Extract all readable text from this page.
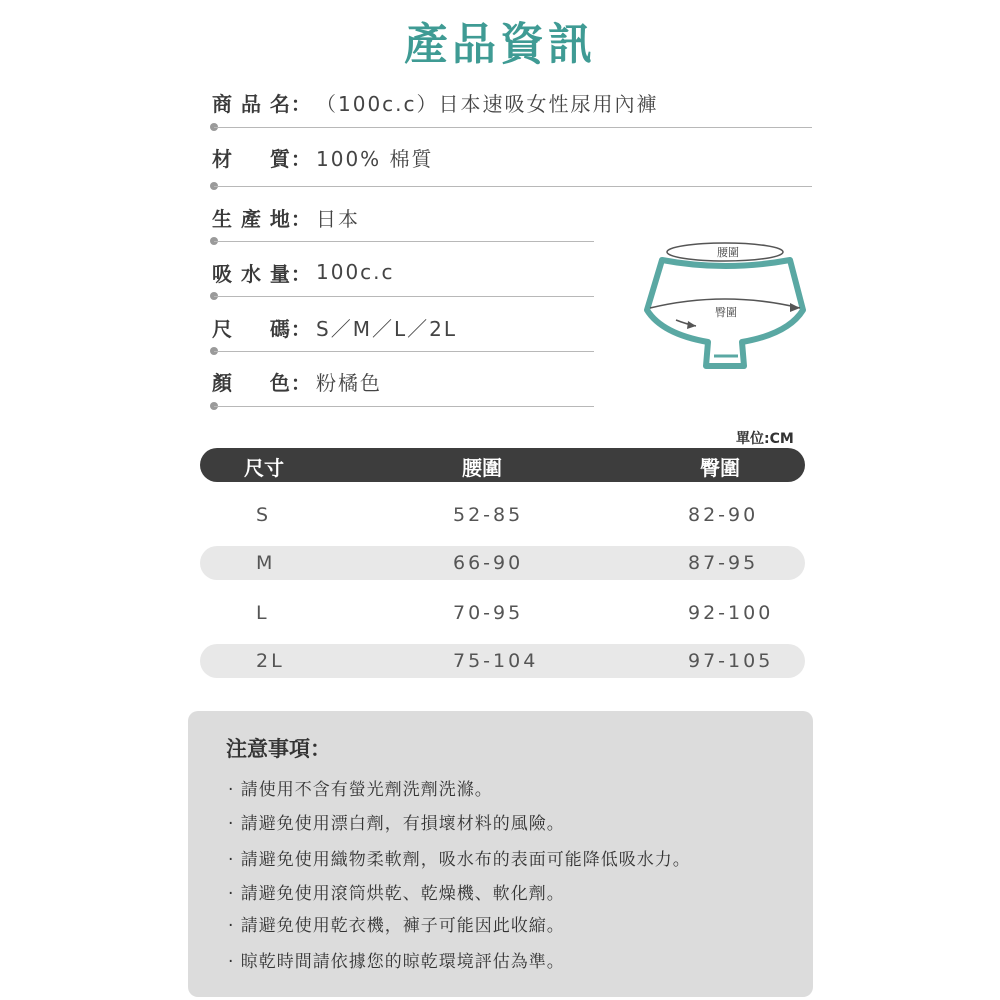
產品資訊
商 品 名： （100c.c）日本速吸女性尿用內褲
材　  質： 100% 棉質
生 產 地： 日本
吸 水 量： 100c.c
尺　  碼： S／M／L／2L
顏　  色： 粉橘色
腰圍
臀圍
單位:CM
尺寸	腰圍	臀圍
S	52-85	82-90
M	66-90	87-95
L	70-95	92-100
2L	75-104	97-105
注意事項：
· 請使用不含有螢光劑洗劑洗滌。
· 請避免使用漂白劑，有損壞材料的風險。
· 請避免使用織物柔軟劑，吸水布的表面可能降低吸水力。
· 請避免使用滾筒烘乾、乾燥機、軟化劑。
· 請避免使用乾衣機，褲子可能因此收縮。
· 晾乾時間請依據您的晾乾環境評估為準。
